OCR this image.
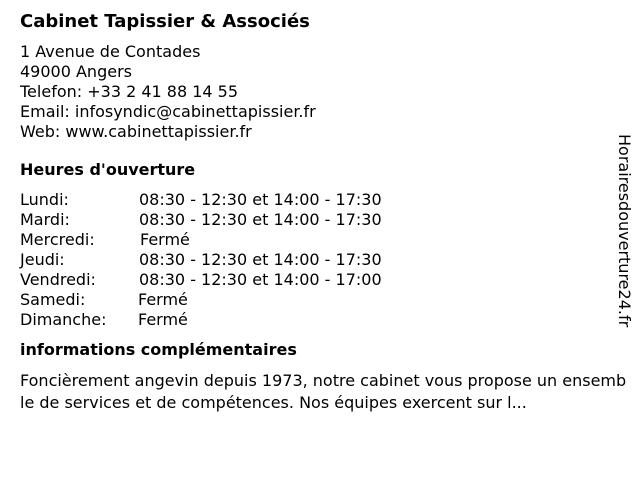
Cabinet Tapissier & Associés
1 Avenue de Contades
49000 Angers
Telefon: +33 2 41 88 14 55
Email: infosyndic@cabinettapissier.fr
Web: www.cabinettapissier.fr
Heures d'ouverture
Lundi:	08:30 - 12:30 et 14:00 - 17:30
Mardi:	08:30 - 12:30 et 14:00 - 17:30
Mercredi:	Fermé
Jeudi:	08:30 - 12:30 et 14:00 - 17:30
Vendredi:	08:30 - 12:30 et 14:00 - 17:00
Samedi:	Fermé
Dimanche: Fermé
informations complémentaires
Foncièrement angevin depuis 1973, notre cabinet vous propose un ensemble de services et de compétences. Nos équipes exercent sur l...
Horairesdouverture24.fr
